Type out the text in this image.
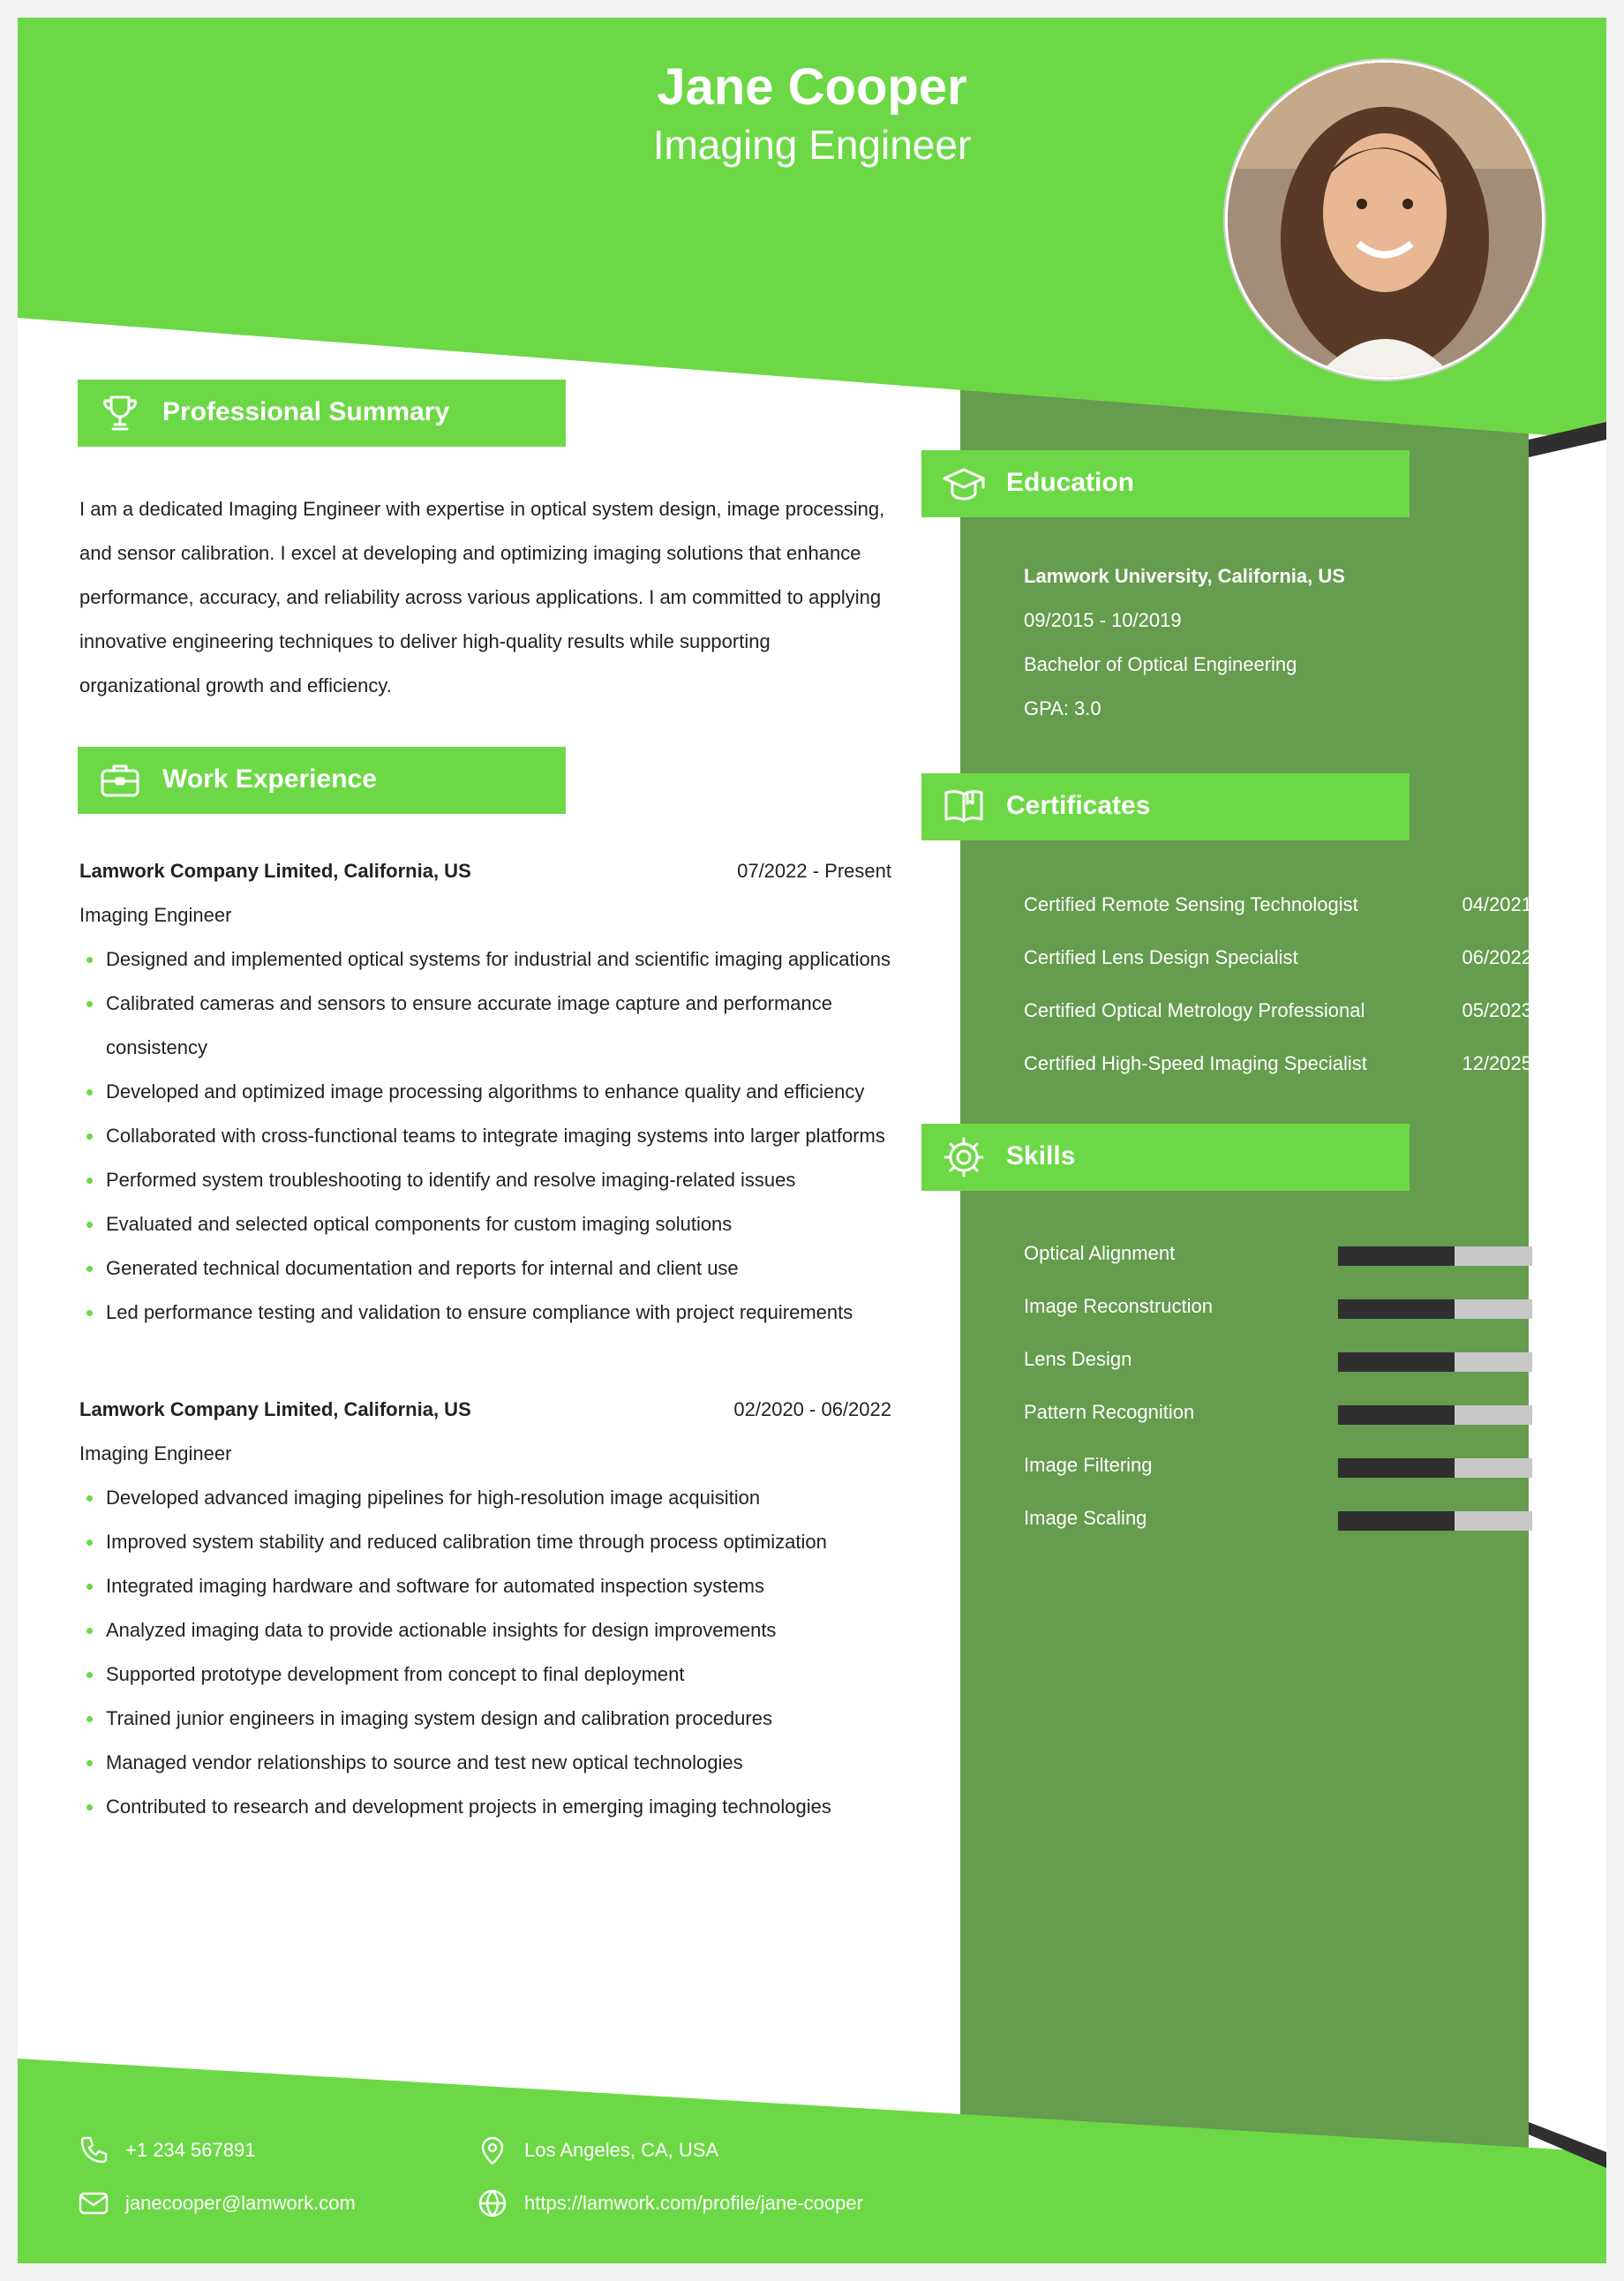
Jane Cooper
Imaging Engineer
Professional Summary
I am a dedicated Imaging Engineer with expertise in optical system design, image processing, and sensor calibration. I excel at developing and optimizing imaging solutions that enhance performance, accuracy, and reliability across various applications. I am committed to applying innovative engineering techniques to deliver high-quality results while supporting organizational growth and efficiency.
Work Experience
Lamwork Company Limited, California, US	07/2022 - Present
Imaging Engineer
Designed and implemented optical systems for industrial and scientific imaging applications
Calibrated cameras and sensors to ensure accurate image capture and performance consistency
Developed and optimized image processing algorithms to enhance quality and efficiency
Collaborated with cross-functional teams to integrate imaging systems into larger platforms
Performed system troubleshooting to identify and resolve imaging-related issues
Evaluated and selected optical components for custom imaging solutions
Generated technical documentation and reports for internal and client use
Led performance testing and validation to ensure compliance with project requirements
Lamwork Company Limited, California, US	02/2020 - 06/2022
Imaging Engineer
Developed advanced imaging pipelines for high-resolution image acquisition
Improved system stability and reduced calibration time through process optimization
Integrated imaging hardware and software for automated inspection systems
Analyzed imaging data to provide actionable insights for design improvements
Supported prototype development from concept to final deployment
Trained junior engineers in imaging system design and calibration procedures
Managed vendor relationships to source and test new optical technologies
Contributed to research and development projects in emerging imaging technologies
Education
Lamwork University, California, US
09/2015 - 10/2019
Bachelor of Optical Engineering
GPA: 3.0
Certificates
Certified Remote Sensing Technologist	04/2021
Certified Lens Design Specialist	06/2022
Certified Optical Metrology Professional	05/2023
Certified High-Speed Imaging Specialist	12/2025
Skills
Optical Alignment
Image Reconstruction
Lens Design
Pattern Recognition
Image Filtering
Image Scaling
+1 234 567891	Los Angeles, CA, USA
janecooper@lamwork.com	https://lamwork.com/profile/jane-cooper
